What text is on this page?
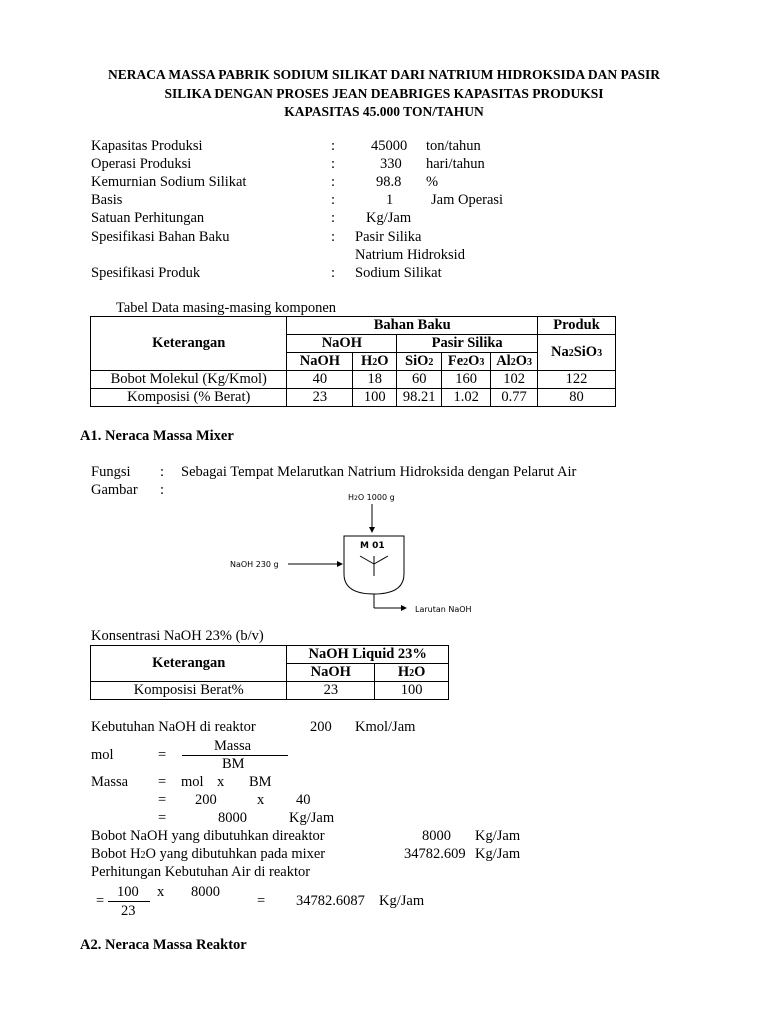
NERACA MASSA PABRIK SODIUM SILIKAT DARI NATRIUM HIDROKSIDA DAN PASIR
SILIKA DENGAN PROSES JEAN DEABRIGES KAPASITAS PRODUKSI
KAPASITAS 45.000 TON/TAHUN
Kapasitas Produksi	: 45000 ton/tahun
Operasi Produksi	:	330 hari/tahun
Kemurnian Sodium Silikat	:	98.8 %
Basis	:	1	Jam Operasi
Satuan Perhitungan	: Kg/Jam
Spesifikasi Bahan Baku	: Pasir Silika
Natrium Hidroksid
Spesifikasi Produk	: Sodium Silikat
Tabel Data masing-masing komponen
Keterangan	Bahan Baku					Produk
	NaOH		Pasir Silika			Na2SiO3
	NaOH	H2O	SiO2	Fe2O3	Al2O3	
Bobot Molekul (Kg/Kmol)	40	18	60	160	102	122
Komposisi (% Berat)	23	100	98.21	1.02	0.77	80
A1. Neraca Massa Mixer
Fungsi : Sebagai Tempat Melarutkan Natrium Hidroksida dengan Pelarut Air
Gambar :	H2O 1000 g
NaOH 230 g
M 01
Larutan NaOH
Konsentrasi NaOH 23% (b/v)
Keterangan	NaOH Liquid 23%	
	NaOH	H2O
Komposisi Berat%	23	100
Kebutuhan NaOH di reaktor	200 Kmol/Jam
mol	=
Massa
BM
Massa = mol x BM
= 200	x 40
=	8000	Kg/Jam
Bobot NaOH yang dibutuhkan direaktor	8000 Kg/Jam
Bobot H2O yang dibutuhkan pada mixer	34782.609 Kg/Jam
Perhitungan Kebutuhan Air di reaktor
=
100
23
x 8000
= 34782.6087 Kg/Jam
A2. Neraca Massa Reaktor
